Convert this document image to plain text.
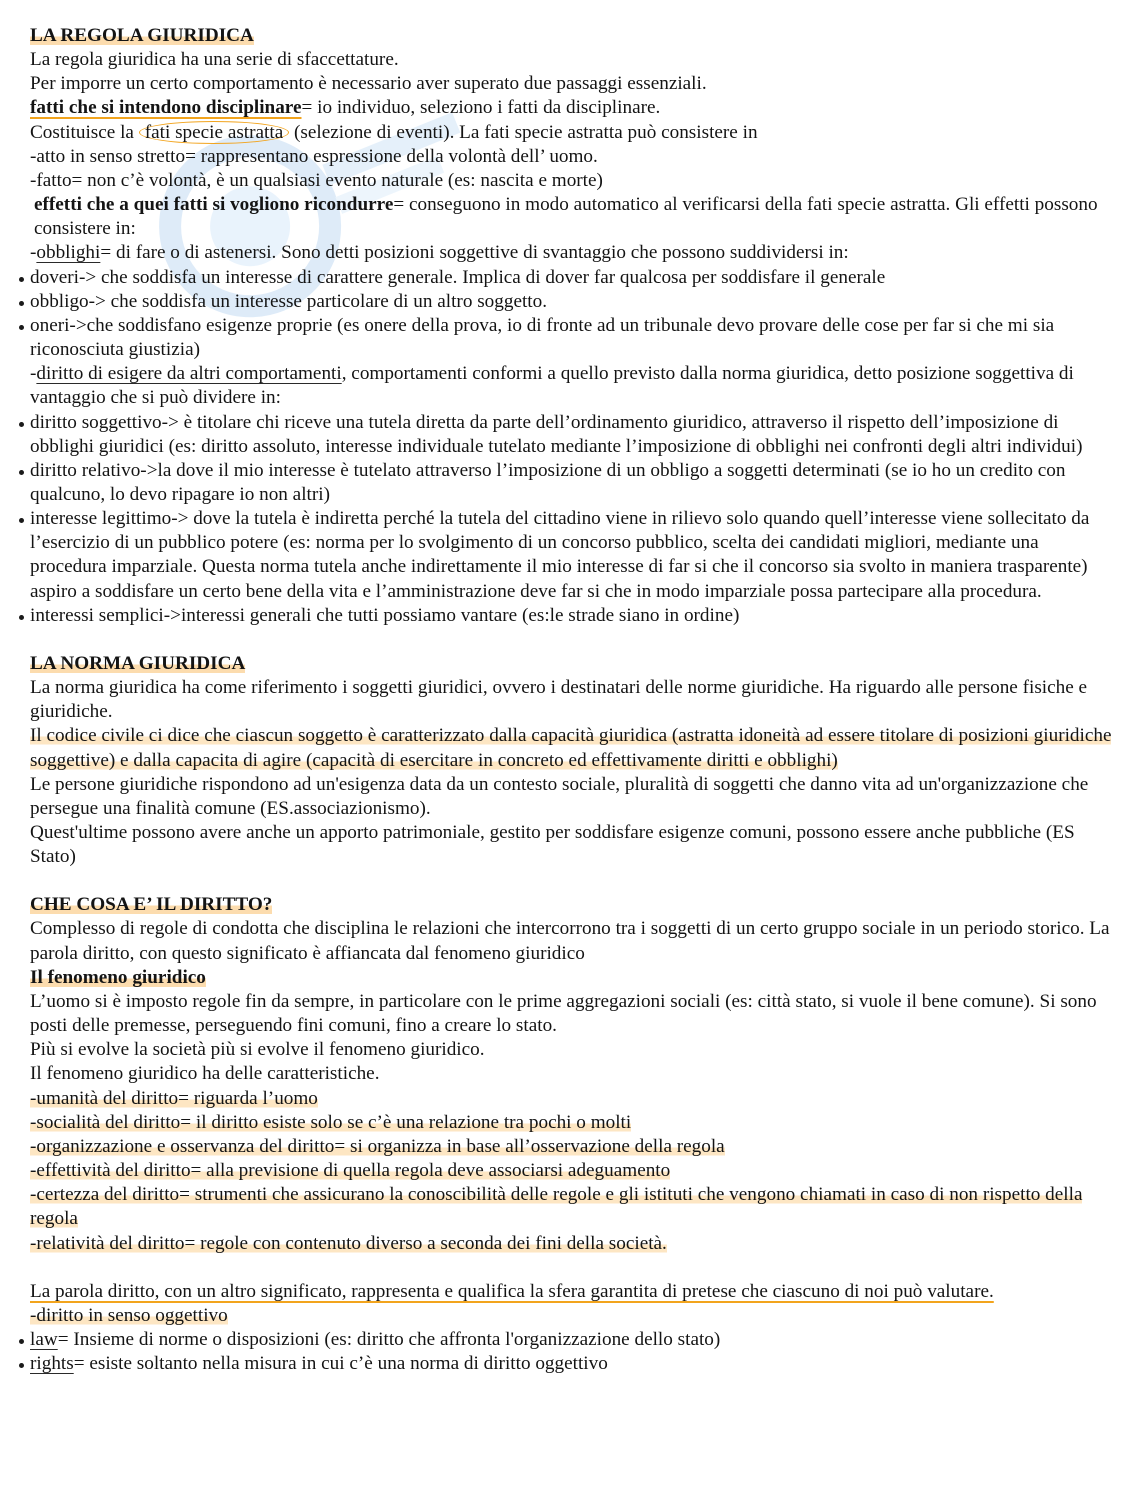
LA REGOLA GIURIDICA

La regola giuridica ha una serie di sfaccettature.

Per imporre un certo comportamento è necessario aver superato due passaggi essenziali.

fatti che si intendono disciplinare= io individuo, seleziono i fatti da disciplinare.

Costituisce la fati specie astratta (selezione di eventi). La fati specie astratta può consistere in

-atto in senso stretto= rappresentano espressione della volontà dell’ uomo.

-fatto= non c’è volontà, è un qualsiasi evento naturale (es: nascita e morte)

effetti che a quei fatti si vogliono ricondurre= conseguono in modo automatico al verificarsi della fati specie astratta. Gli effetti possono consistere in:

-obblighi= di fare o di astenersi. Sono detti posizioni soggettive di svantaggio che possono suddividersi in:

doveri-> che soddisfa un interesse di carattere generale. Implica di dover far qualcosa per soddisfare il generale

obbligo-> che soddisfa un interesse particolare di un altro soggetto.

oneri->che soddisfano esigenze proprie (es onere della prova, io di fronte ad un tribunale devo provare delle cose per far si che mi sia riconosciuta giustizia)

-diritto di esigere da altri comportamenti, comportamenti conformi a quello previsto dalla norma giuridica, detto posizione soggettiva di vantaggio che si può dividere in:

diritto soggettivo-> è titolare chi riceve una tutela diretta da parte dell’ordinamento giuridico, attraverso il rispetto dell’imposizione di obblighi giuridici (es: diritto assoluto, interesse individuale tutelato mediante l’imposizione di obblighi nei confronti degli altri individui)

diritto relativo->la dove il mio interesse è tutelato attraverso l’imposizione di un obbligo a soggetti determinati (se io ho un credito con qualcuno, lo devo ripagare io non altri)

interesse legittimo-> dove la tutela è indiretta perché la tutela del cittadino viene in rilievo solo quando quell’interesse viene sollecitato da l’esercizio di un pubblico potere (es: norma per lo svolgimento di un concorso pubblico, scelta dei candidati migliori, mediante una procedura imparziale. Questa norma tutela anche indirettamente il mio interesse di far si che il concorso sia svolto in maniera trasparente) aspiro a soddisfare un certo bene della vita e l’amministrazione deve far si che in modo imparziale possa partecipare alla procedura.

interessi semplici->interessi generali che tutti possiamo vantare (es:le strade siano in ordine)

LA NORMA GIURIDICA

La norma giuridica ha come riferimento i soggetti giuridici, ovvero i destinatari delle norme giuridiche. Ha riguardo alle persone fisiche e giuridiche.

Il codice civile ci dice che ciascun soggetto è caratterizzato dalla capacità giuridica (astratta idoneità ad essere titolare di posizioni giuridiche soggettive) e dalla capacita di agire (capacità di esercitare in concreto ed effettivamente diritti e obblighi)

Le persone giuridiche rispondono ad un'esigenza data da un contesto sociale, pluralità di soggetti che danno vita ad un'organizzazione che persegue una finalità comune (ES.associazionismo).

Quest'ultime possono avere anche un apporto patrimoniale, gestito per soddisfare esigenze comuni, possono essere anche pubbliche (ES Stato)

CHE COSA E’ IL DIRITTO?

Complesso di regole di condotta che disciplina le relazioni che intercorrono tra i soggetti di un certo gruppo sociale in un periodo storico. La parola diritto, con questo significato è affiancata dal fenomeno giuridico

Il fenomeno giuridico

L’uomo si è imposto regole fin da sempre, in particolare con le prime aggregazioni sociali (es: città stato, si vuole il bene comune). Si sono posti delle premesse, perseguendo fini comuni, fino a creare lo stato.

Più si evolve la società più si evolve il fenomeno giuridico.

Il fenomeno giuridico ha delle caratteristiche.

-umanità del diritto= riguarda l’uomo

-socialità del diritto= il diritto esiste solo se c’è una relazione tra pochi o molti

-organizzazione e osservanza del diritto= si organizza in base all’osservazione della regola

-effettività del diritto= alla previsione di quella regola deve associarsi adeguamento

-certezza del diritto= strumenti che assicurano la conoscibilità delle regole e gli istituti che vengono chiamati in caso di non rispetto della regola

-relatività del diritto= regole con contenuto diverso a seconda dei fini della società.

La parola diritto, con un altro significato, rappresenta e qualifica la sfera garantita di pretese che ciascuno di noi può valutare.

-diritto in senso oggettivo

law= Insieme di norme o disposizioni (es: diritto che affronta l'organizzazione dello stato)

rights= esiste soltanto nella misura in cui c’è una norma di diritto oggettivo
